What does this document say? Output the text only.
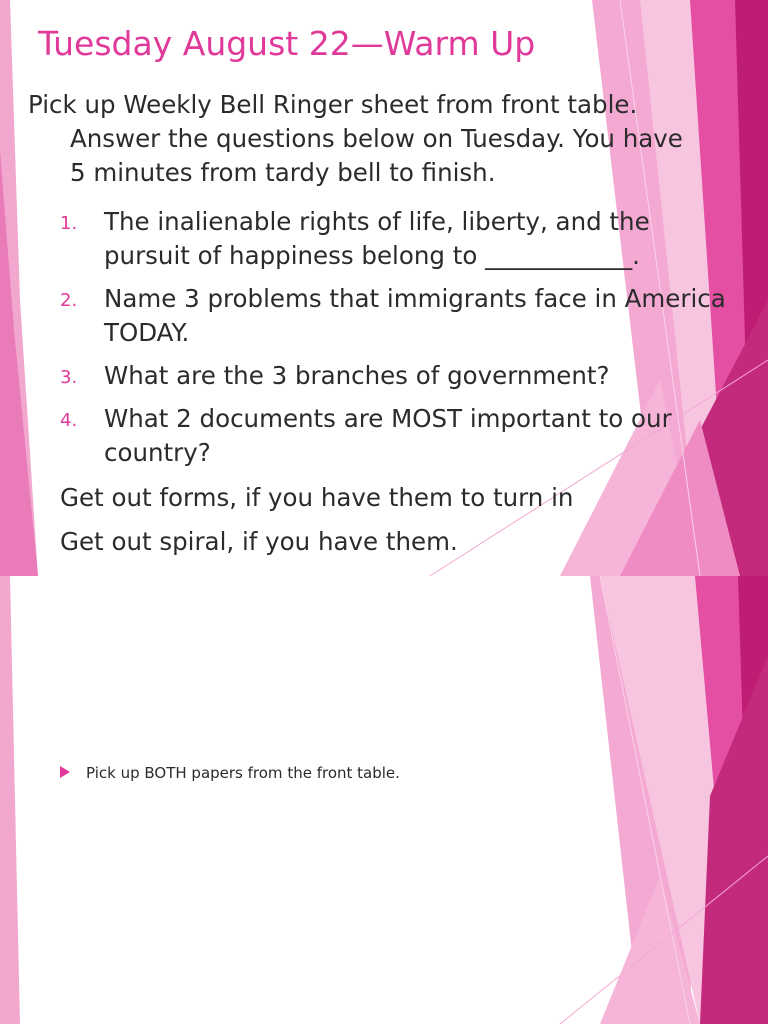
Tuesday August 22—Warm Up
Pick up Weekly Bell Ringer sheet from front table.
Answer the questions below on Tuesday. You have
5 minutes from tardy bell to finish.
1. The inalienable rights of life, liberty, and the
pursuit of happiness belong to ____________.
2. Name 3 problems that immigrants face in America
TODAY.
3. What are the 3 branches of government?
4. What 2 documents are MOST important to our
country?
Get out forms, if you have them to turn in
Get out spiral, if you have them.
Pick up BOTH papers from the front table.
